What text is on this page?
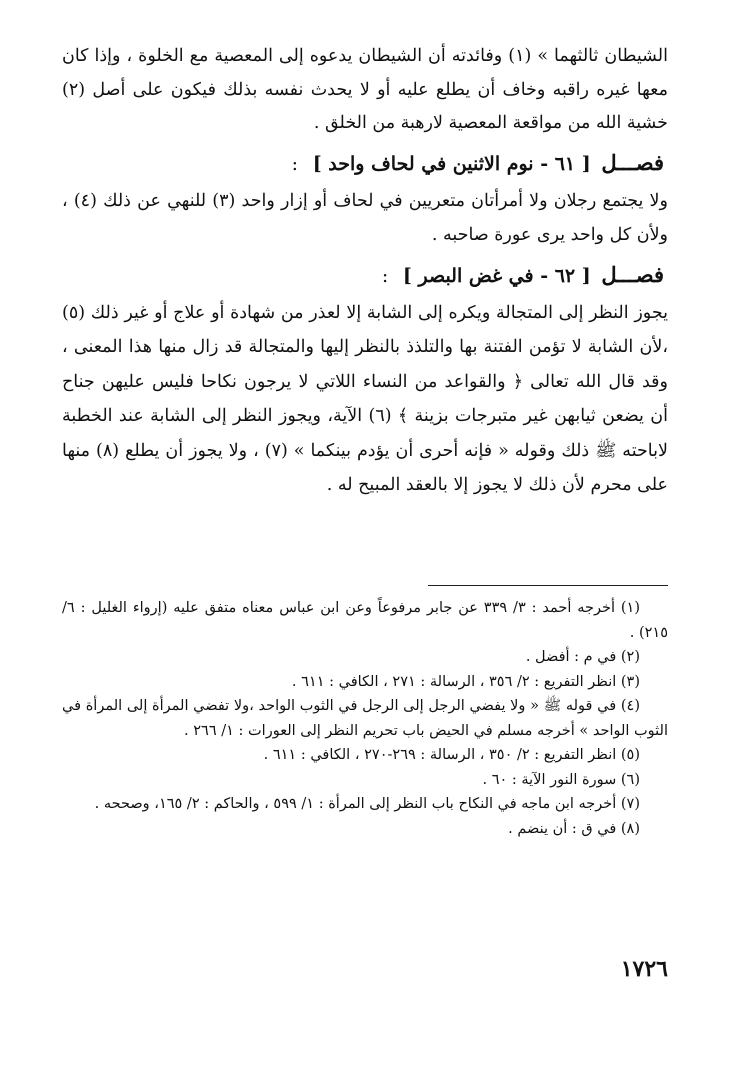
الشيطان ثالثهما » (١) وفائدته أن الشيطان يدعوه إلى المعصية مع الخلوة ، وإذا كان معها غيره راقبه وخاف أن يطلع عليه أو لا يحدث نفسه بذلك فيكون على أصل (٢) خشية الله من مواقعة المعصية لارهبة من الخلق .

فصـــل [ ٦١ - نوم الاثنين في لحاف واحد ] :

ولا يجتمع رجلان ولا أمرأتان متعريين في لحاف أو إزار واحد (٣) للنهي عن ذلك (٤) ، ولأن كل واحد يرى عورة صاحبه .

فصـــل [ ٦٢ - في غض البصر ] :

يجوز النظر إلى المتجالة ويكره إلى الشابة إلا لعذر من شهادة أو علاج أو غير ذلك (٥) ،لأن الشابة لا تؤمن الفتنة بها والتلذذ بالنظر إليها والمتجالة قد زال منها هذا المعنى ، وقد قال الله تعالى ﴿ والقواعد من النساء اللاتي لا يرجون نكاحا فليس عليهن جناح أن يضعن ثيابهن غير متبرجات بزينة ﴾ (٦) الآية، ويجوز النظر إلى الشابة عند الخطبة لاباحته ﷺ ذلك وقوله « فإنه أحرى أن يؤدم بينكما » (٧) ، ولا يجوز أن يطلع (٨) منها على محرم لأن ذلك لا يجوز إلا بالعقد المبيح له .

(١) أخرجه أحمد : ٣/ ٣٣٩ عن جابر مرفوعاً وعن ابن عباس معناه متفق عليه (إرواء الغليل : ٦/ ٢١٥) .

(٢) في م : أفضل .

(٣) انظر التفريع : ٢/ ٣٥٦ ، الرسالة : ٢٧١ ، الكافي : ٦١١ .

(٤) في قوله ﷺ « ولا يفضي الرجل إلى الرجل في الثوب الواحد ،ولا تفضي المرأة إلى المرأة في الثوب الواحد » أخرجه مسلم في الحيض باب تحريم النظر إلى العورات : ١/ ٢٦٦ .

(٥) انظر التفريع : ٢/ ٣٥٠ ، الرسالة : ٢٦٩-٢٧٠ ، الكافي : ٦١١ .

(٦) سورة النور الآية : ٦٠ .

(٧) أخرجه ابن ماجه في النكاح باب النظر إلى المرأة : ١/ ٥٩٩ ، والحاكم : ٢/ ١٦٥، وصححه .

(٨) في ق : أن ينضم .

١٧٢٦
